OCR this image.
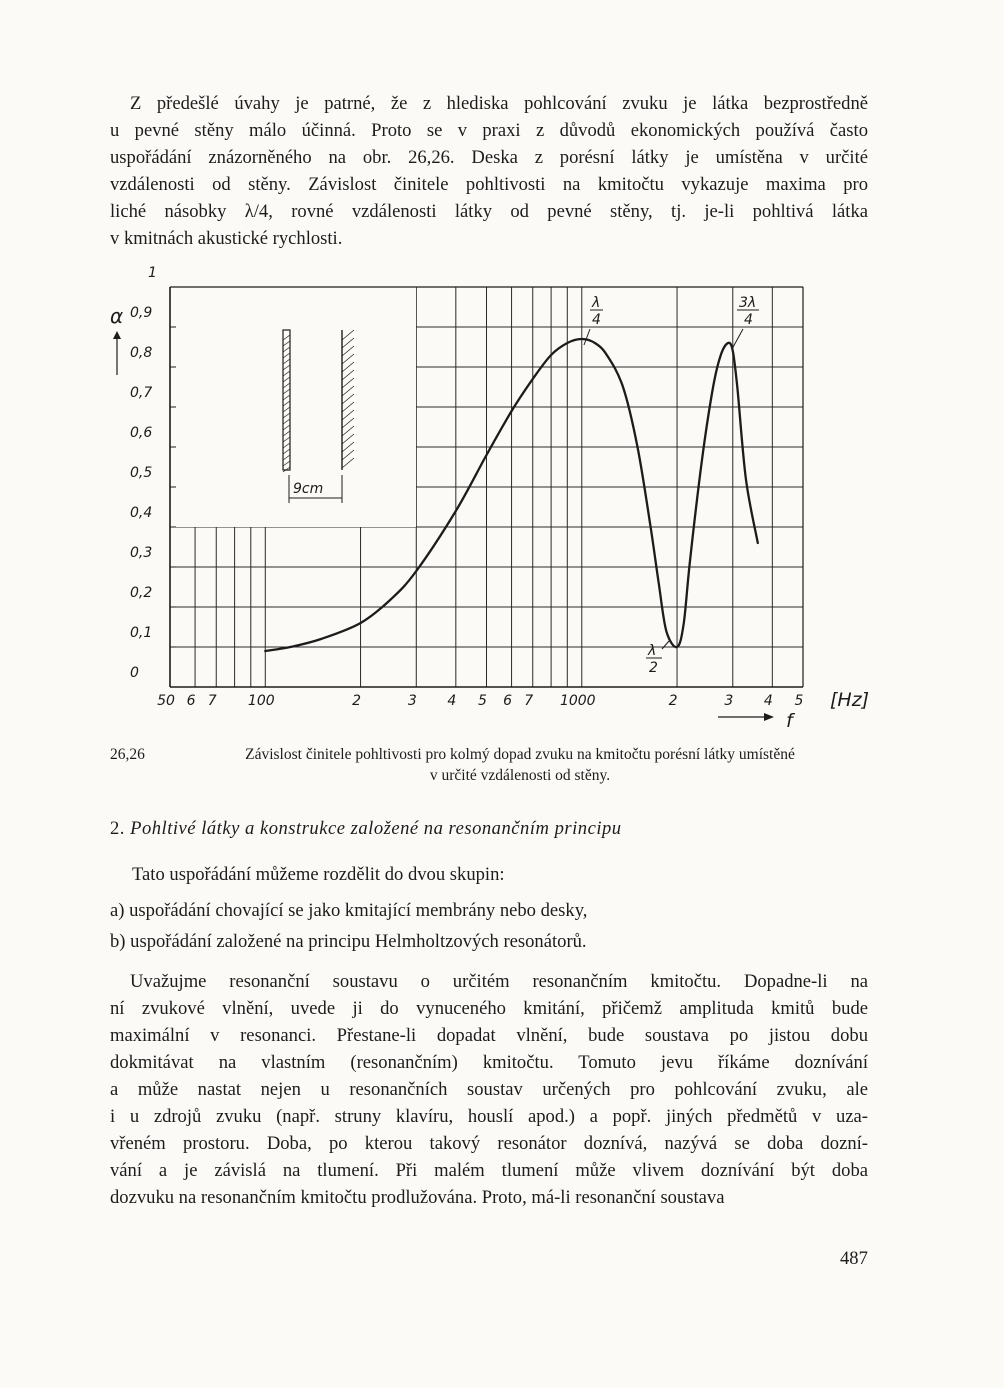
Z předešlé úvahy je patrné, že z hlediska pohlcování zvuku je látka bezprostředně
u pevné stěny málo účinná. Proto se v praxi z důvodů ekonomických používá často
uspořádání znázorněného na obr. 26,26. Deska z porésní látky je umístěna v určité
vzdálenosti od stěny. Závislost činitele pohltivosti na kmitočtu vykazuje maxima pro
liché násobky λ/4, rovné vzdálenosti látky od pevné stěny, tj. je-li pohltivá látka
v kmitnách akustické rychlosti.
9cm
0
0,1
0,2
0,3
0,4
0,5
0,6
0,7
0,8
0,9
1
50 6 7 100	2	3 4 5 6 7 1000	2	3 4 5
α
[Hz]
f
λ
4
3λ
4
λ
2
26,26	Závislost činitele pohltivosti pro kolmý dopad zvuku na kmitočtu porésní látky umístěné
v určité vzdálenosti od stěny.
2. Pohltivé látky a konstrukce založené na resonančním principu
Tato uspořádání můžeme rozdělit do dvou skupin:
a) uspořádání chovající se jako kmitající membrány nebo desky,
b) uspořádání založené na principu Helmholtzových resonátorů.
Uvažujme resonanční soustavu o určitém resonančním kmitočtu. Dopadne-li na
ní zvukové vlnění, uvede ji do vynuceného kmitání, přičemž amplituda kmitů bude
maximální v resonanci. Přestane-li dopadat vlnění, bude soustava po jistou dobu
dokmitávat na vlastním (resonančním) kmitočtu. Tomuto jevu říkáme doznívání
a může nastat nejen u resonančních soustav určených pro pohlcování zvuku, ale
i u zdrojů zvuku (např. struny klavíru, houslí apod.) a popř. jiných předmětů v uza-
vřeném prostoru. Doba, po kterou takový resonátor doznívá, nazývá se doba dozní-
vání a je závislá na tlumení. Při malém tlumení může vlivem doznívání být doba
dozvuku na resonančním kmitočtu prodlužována. Proto, má-li resonanční soustava
487
